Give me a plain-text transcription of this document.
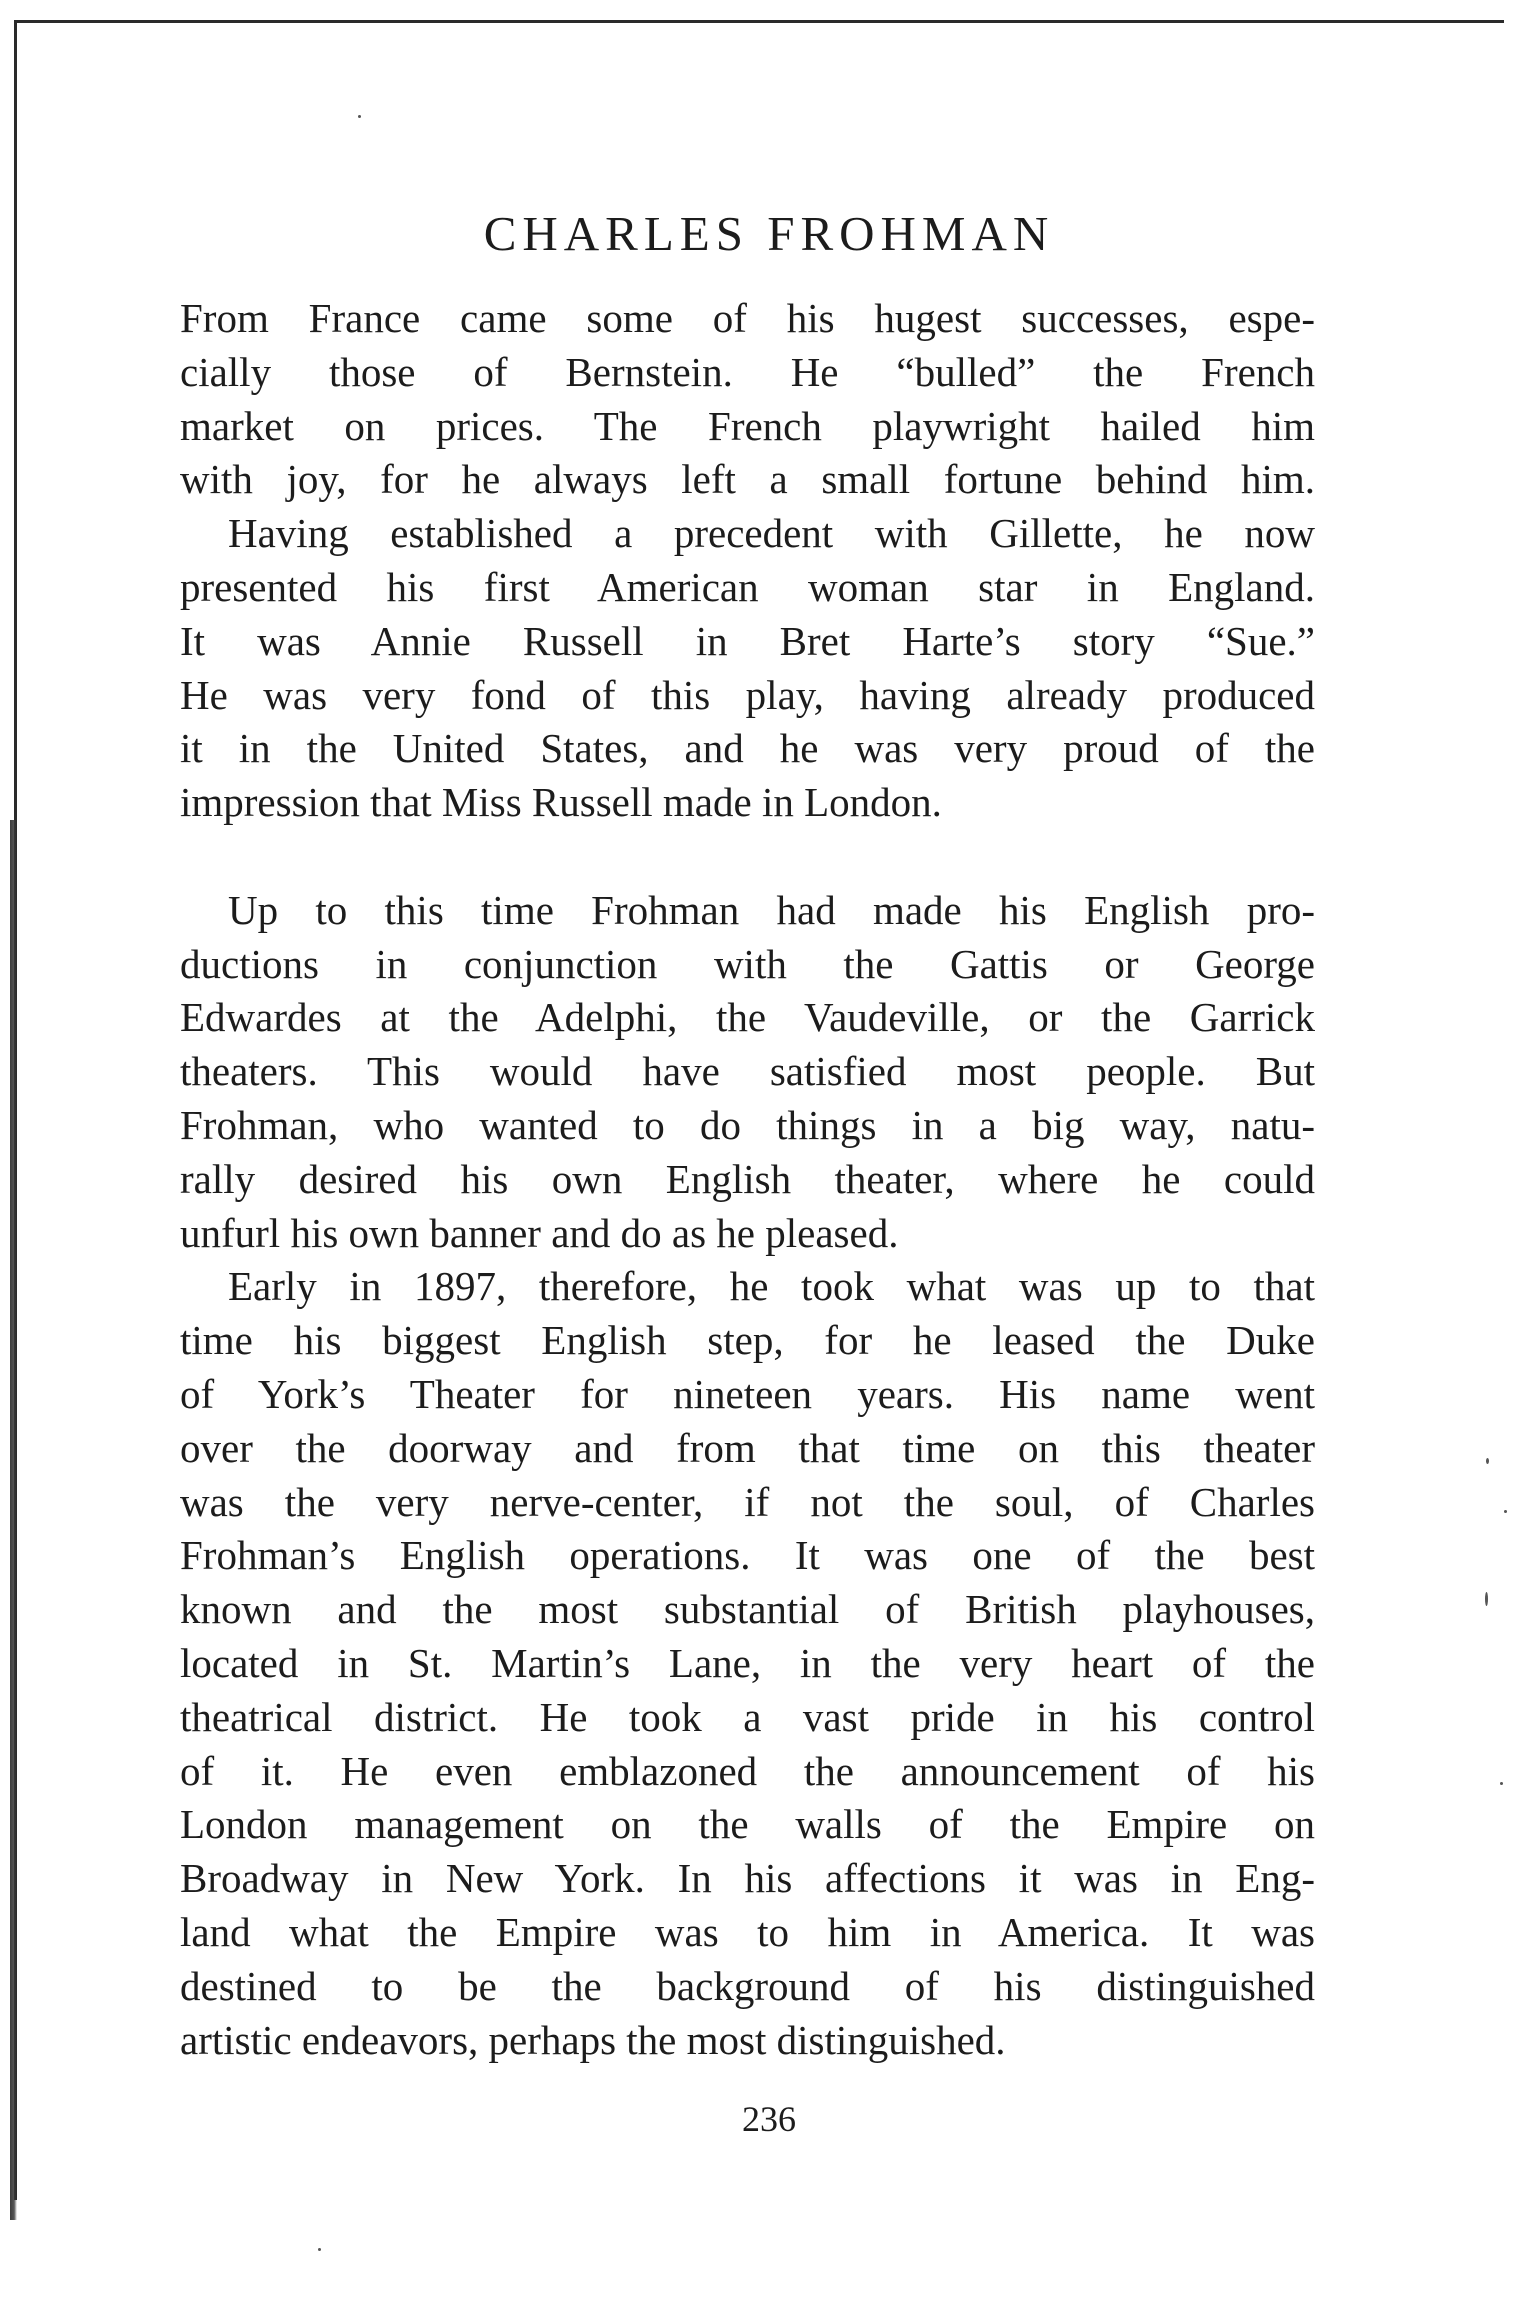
CHARLES FROHMAN
From France came some of his hugest successes, espe-
cially those of Bernstein. He “bulled” the French
market on prices. The French playwright hailed him
with joy, for he always left a small fortune behind him.
Having established a precedent with Gillette, he now
presented his first American woman star in England.
It was Annie Russell in Bret Harte’s story “Sue.”
He was very fond of this play, having already produced
it in the United States, and he was very proud of the
impression that Miss Russell made in London.
Up to this time Frohman had made his English pro-
ductions in conjunction with the Gattis or George
Edwardes at the Adelphi, the Vaudeville, or the Garrick
theaters. This would have satisfied most people. But
Frohman, who wanted to do things in a big way, natu-
rally desired his own English theater, where he could
unfurl his own banner and do as he pleased.
Early in 1897, therefore, he took what was up to that
time his biggest English step, for he leased the Duke
of York’s Theater for nineteen years. His name went
over the doorway and from that time on this theater
was the very nerve-center, if not the soul, of Charles
Frohman’s English operations. It was one of the best
known and the most substantial of British playhouses,
located in St. Martin’s Lane, in the very heart of the
theatrical district. He took a vast pride in his control
of it. He even emblazoned the announcement of his
London management on the walls of the Empire on
Broadway in New York. In his affections it was in Eng-
land what the Empire was to him in America. It was
destined to be the background of his distinguished
artistic endeavors, perhaps the most distinguished.
236
